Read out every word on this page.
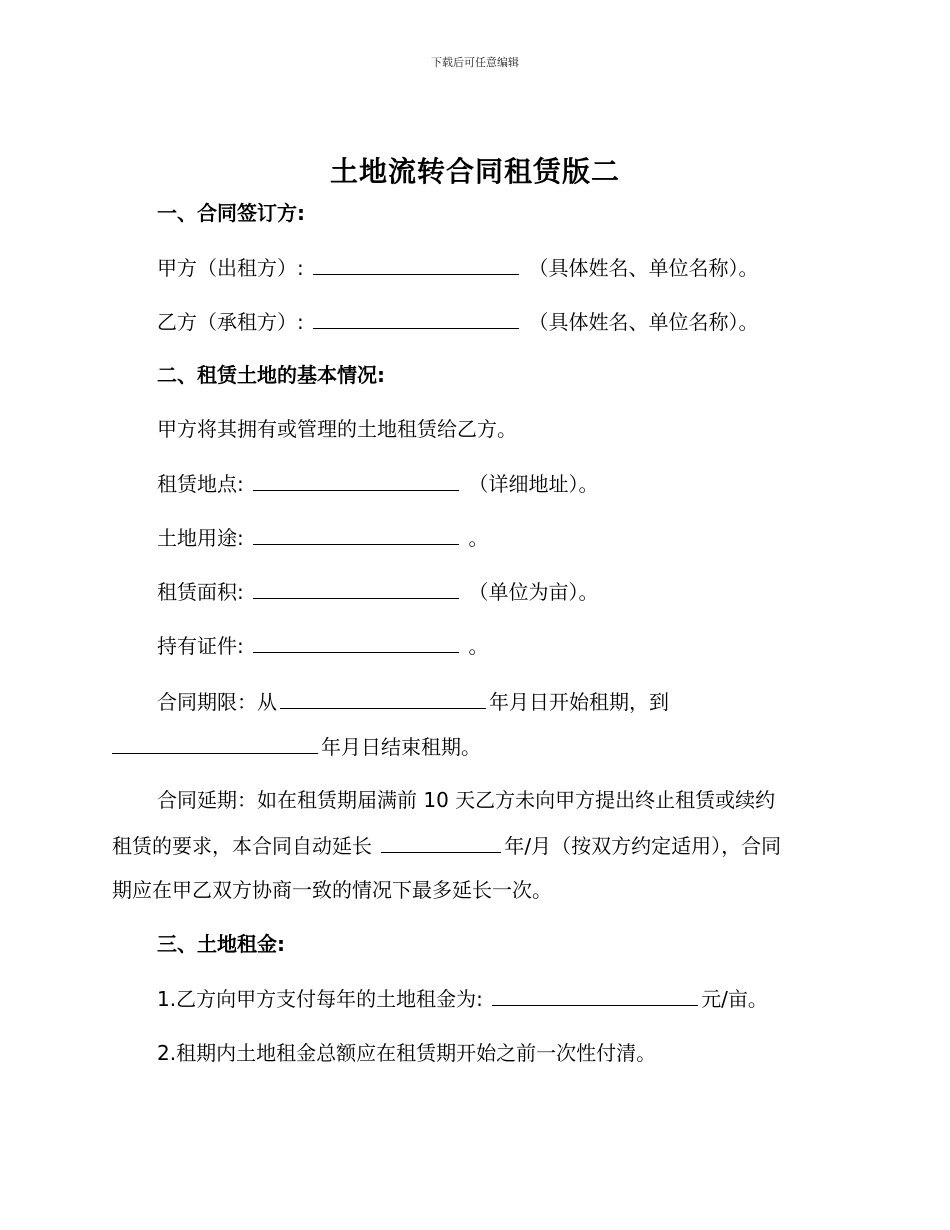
下载后可任意编辑
土地流转合同租赁版二
一、合同签订方:
甲方（出租方）:	（具体姓名、单位名称）。
乙方（承租方）:	（具体姓名、单位名称）。
二、租赁土地的基本情况:
甲方将其拥有或管理的土地租赁给乙方。
租赁地点:	（详细地址）。
土地用途:	。
租赁面积:	（单位为亩）。
持有证件:	。
合同期限：从	年月日开始租期，到
年月日结束租期。
合同延期：如在租赁期届满前 10 天乙方未向甲方提出终止租赁或续约
租赁的要求，本合同自动延长	年/月（按双方约定适用），合同
期应在甲乙双方协商一致的情况下最多延长一次。
三、土地租金:
1.乙方向甲方支付每年的土地租金为:	元/亩。
2.租期内土地租金总额应在租赁期开始之前一次性付清。
